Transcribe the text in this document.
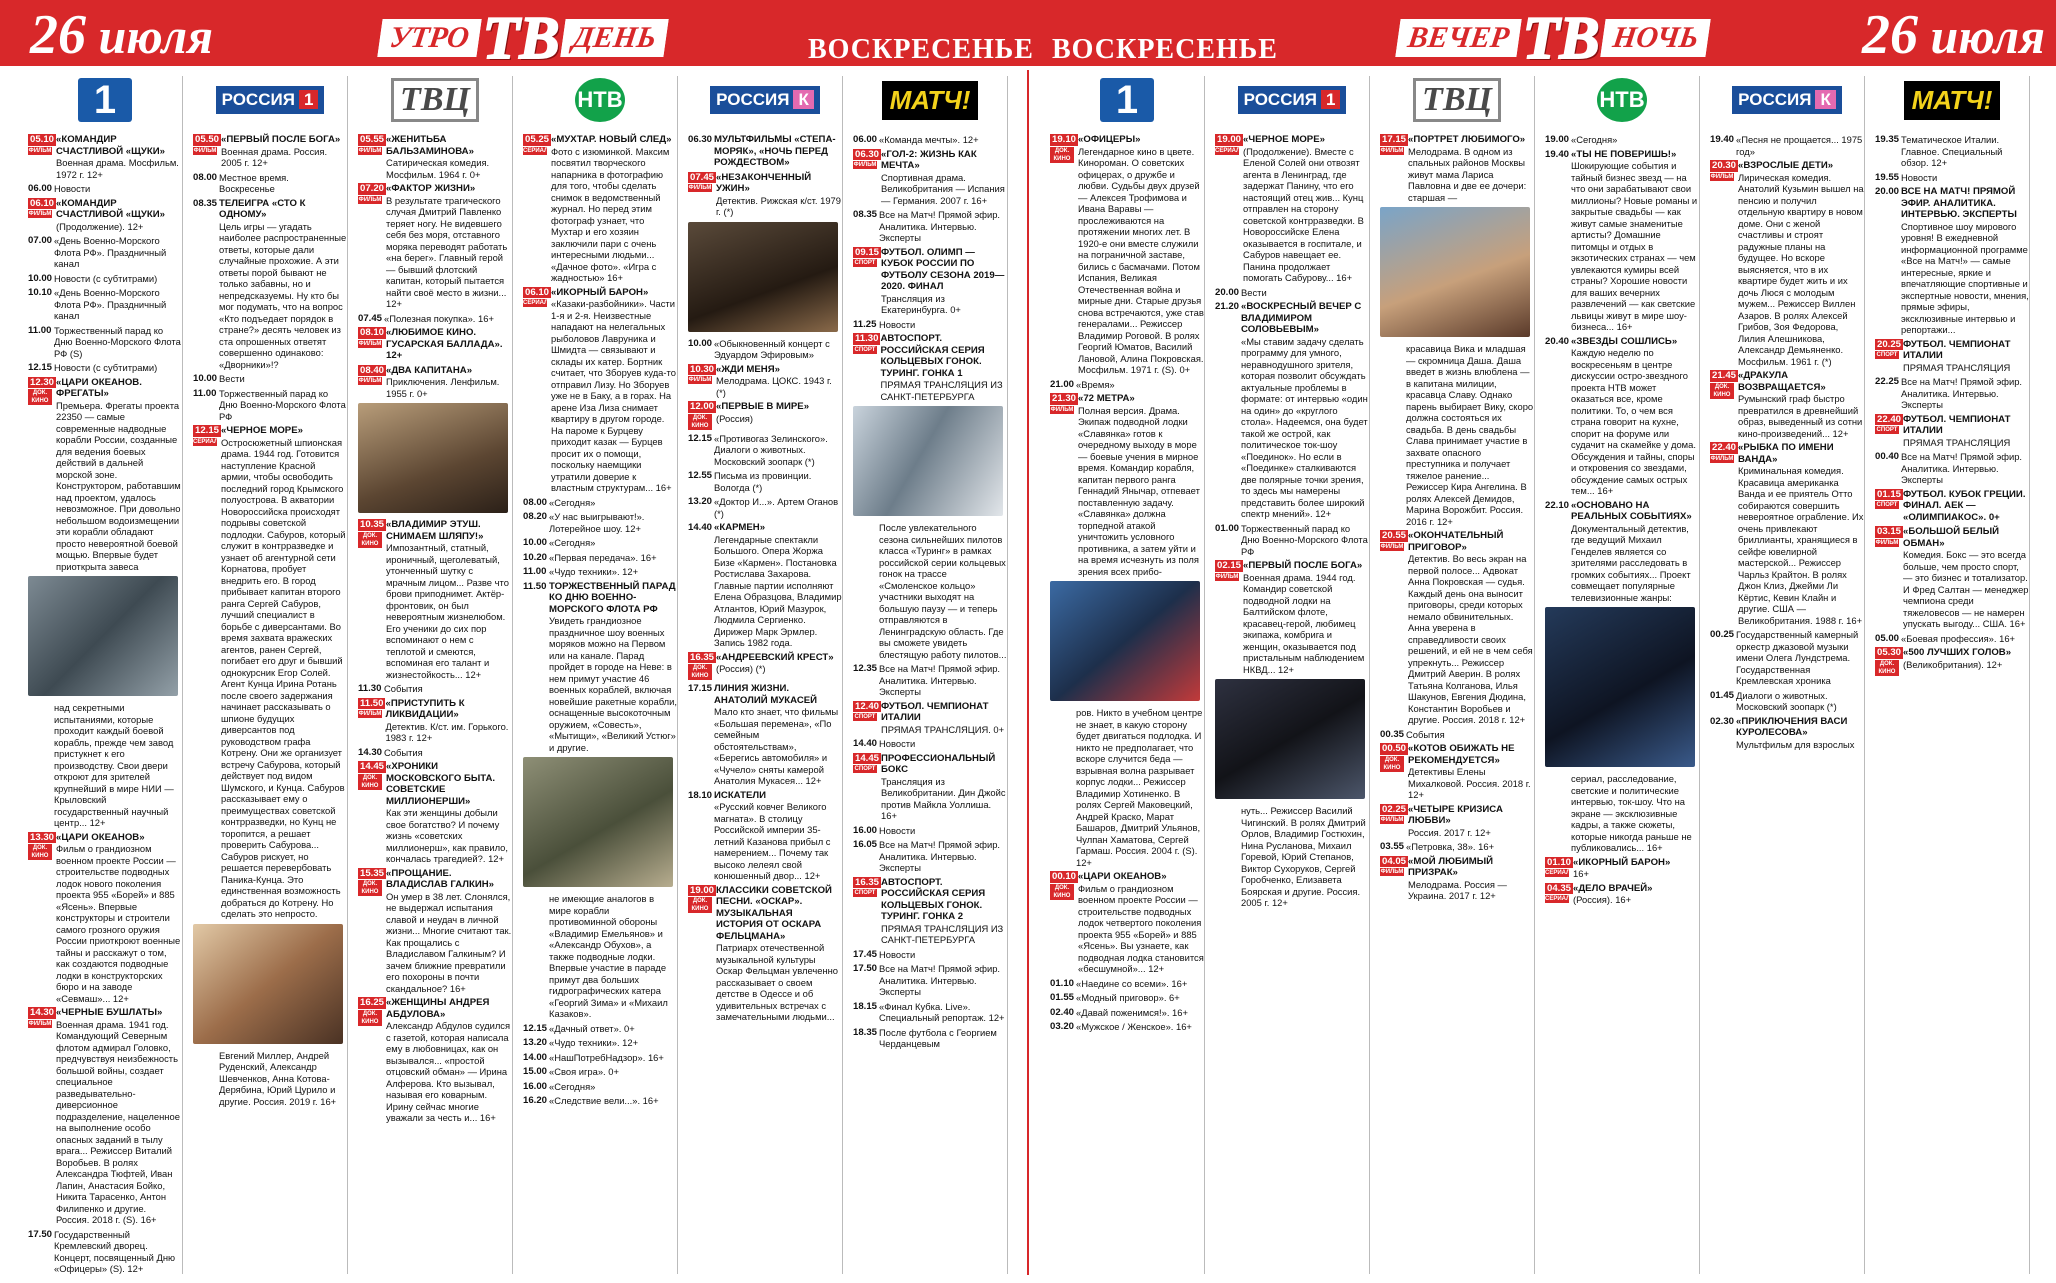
26 июля	УТРО ТВ ДЕНЬ	ВОСКРЕСЕНЬЕ ВОСКРЕСЕНЬЕ	ВЕЧЕР ТВ НОЧЬ	26 июля
1
05.10
ФИЛЬМ
«КОМАНДИР СЧАСТЛИВОЙ «ЩУКИ»
Военная драма. Мосфильм. 1972 г. 12+
06.00 Новости
06.10
ФИЛЬМ
«КОМАНДИР СЧАСТЛИВОЙ «ЩУКИ»
(Продолжение). 12+
07.00 «День Военно-Морского Флота РФ». Праздничный канал
10.00 Новости (с субтитрами)
10.10 «День Военно-Морского Флота РФ». Праздничный канал
11.00 Торжественный парад ко Дню Военно-Морского Флота РФ (S)
12.15 Новости (с субтитрами)
12.30
ДОК. КИНО
«ЦАРИ ОКЕАНОВ. ФРЕГАТЫ»
Премьера. Фрегаты проекта 22350 — самые современные надводные корабли России, созданные для ведения боевых действий в дальней морской зоне. Конструктором, работавшим над проектом, удалось невозможное. При довольно небольшом водоизмещении эти корабли обладают просто невероятной боевой мощью. Впервые будет приоткрыта завеса
над секретными испытаниями, которые проходит каждый боевой корабль, прежде чем завод пристукнет к его производству. Свои двери откроют для зрителей крупнейший в мире НИИ — Крыловский государственный научный центр... 12+
13.30
ДОК. КИНО
«ЦАРИ ОКЕАНОВ»
Фильм о грандиозном военном проекте России — строительстве подводных лодок нового поколения проекта 955 «Борей» и 885 «Ясень». Впервые конструкторы и строители самого грозного оружия России приоткроют военные тайны и расскажут о том, как создаются подводные лодки в конструкторских бюро и на заводе «Севмаш»... 12+
14.30
ФИЛЬМ
«ЧЕРНЫЕ БУШЛАТЫ»
Военная драма. 1941 год. Командующий Северным флотом адмирал Головко, предчувствуя неизбежность большой войны, создает специальное разведывательно-диверсионное подразделение, нацеленное на выполнение особо опасных заданий в тылу врага... Режиссер Виталий Воробьев. В ролях Александра Тюфтей, Иван Лапин, Анастасия Бойко, Никита Тарасенко, Антон Филипенко и другие. Россия. 2018 г. (S). 16+
17.50 Государственный Кремлевский дворец. Концерт, посвященный Дню «Офицеры» (S). 12+
РОССИЯ 1
05.50
ФИЛЬМ
«ПЕРВЫЙ ПОСЛЕ БОГА»
Военная драма. Россия. 2005 г. 12+
08.00 Местное время. Воскресенье
08.35 ТЕЛЕИГРА «СТО К ОДНОМУ»
Цель игры — угадать наиболее распространенные ответы, которые дали случайные прохожие. А эти ответы порой бывают не только забавны, но и непредсказуемы. Ну кто бы мог подумать, что на вопрос «Кто подъедает порядок в стране?» десять человек из ста опрошенных ответят совершенно одинаково: «Дворники»!?
10.00 Вести
11.00 Торжественный парад ко Дню Военно-Морского Флота РФ
12.15
СЕРИАЛ
«ЧЕРНОЕ МОРЕ»
Остросюжетный шпионская драма. 1944 год. Готовится наступление Красной армии, чтобы освободить последний город Крымского полуострова. В акватории Новороссийска происходят подрывы советской подлодки. Сабуров, который служит в контрразведке и узнает об агентурной сети Корнатова, пробует внедрить его. В город прибывает капитан второго ранга Сергей Сабуров, лучший специалист в борьбе с диверсантами. Во время захвата вражеских агентов, ранен Сергей, погибает его друг и бывший однокурсник Егор Солей. Агент Кунца Ирина Ротань после своего задержания начинает рассказывать о шпионе будущих диверсантов под руководством графа Котрену. Они же организует встречу Сабурова, который действует под видом Шумского, и Кунца. Сабуров рассказывает ему о преимуществах советской контрразведки, но Кунц не торопится, а решает проверить Сабурова... Сабуров рискует, но решается перевербовать Паника-Кунца. Это единственная возможность добраться до Котрену. Но сделать это непросто.
Евгений Миллер, Андрей Руденский, Александр Шевченков, Анна Котова-Дерябина, Юрий Цурило и другие. Россия. 2019 г. 16+
ТВЦ
05.55
ФИЛЬМ
«ЖЕНИТЬБА БАЛЬЗАМИНОВА»
Сатирическая комедия. Мосфильм. 1964 г. 0+
07.20
ФИЛЬМ
«ФАКТОР ЖИЗНИ»
В результате трагического случая Дмитрий Павленко теряет ногу. Не видевшего себя без моря, отставного моряка переводят работать «на берег». Главный герой — бывший флотский капитан, который пытается найти своё место в жизни... 12+
07.45 «Полезная покупка». 16+
08.10
ФИЛЬМ
«ЛЮБИМОЕ КИНО. ГУСАРСКАЯ БАЛЛАДА». 12+
08.40
ФИЛЬМ
«ДВА КАПИТАНА»
Приключения. Ленфильм. 1955 г. 0+
10.35
ДОК. КИНО
«ВЛАДИМИР ЭТУШ. СНИМАЕМ ШЛЯПУ!»
Импозантный, статный, ироничный, щеголеватый, утонченный шутку с мрачным лицом... Разве что брови приподнимет. Актёр-фронтовик, он был невероятным жизнелюбом. Его ученики до сих пор вспоминают о нем с теплотой и смеются, вспоминая его талант и жизнестойкость... 12+
11.30 События
11.50
ФИЛЬМ
«ПРИСТУПИТЬ К ЛИКВИДАЦИИ»
Детектив. К/ст. им. Горького. 1983 г. 12+
14.30 События
14.45
ДОК. КИНО
«ХРОНИКИ МОСКОВСКОГО БЫТА. СОВЕТСКИЕ МИЛЛИОНЕРШИ»
Как эти женщины добыли свое богатство? И почему жизнь «советских миллионерш», как правило, кончалась трагедией?. 12+
15.35
ДОК. КИНО
«ПРОЩАНИЕ. ВЛАДИСЛАВ ГАЛКИН»
Он умер в 38 лет. Слонялся, не выдержал испытания славой и неудач в личной жизни... Многие считают так. Как прощались с Владиславом Галкиным? И зачем ближние превратили его похороны в почти скандальное? 16+
16.25
ДОК. КИНО
«ЖЕНЩИНЫ АНДРЕЯ АБДУЛОВА»
Александр Абдулов судился с газетой, которая написала ему в любовницах, как он вызывался... «простой отцовский обман» — Ирина Алферова. Кто вызывал, называя его коварным. Ирину сейчас многие уважали за честь и... 16+
НТВ
05.25
СЕРИАЛ
«МУХТАР. НОВЫЙ СЛЕД»
Фото с изюминкой. Максим посвятил творческого напарника в фотографию для того, чтобы сделать снимок в ведомственный журнал. Но перед этим фотограф узнает, что Мухтар и его хозяин заключили пари с очень интересными людьми... «Дачное фото». «Игра с жадностью» 16+
06.10
СЕРИАЛ
«ИКОРНЫЙ БАРОН»
«Казаки-разбойники». Части 1-я и 2-я. Неизвестные нападают на нелегальных рыболовов Лавруника и Шмидта — связывают и склады их катер. Бортник считает, что Зборуев куда-то отправил Лизу. Но Зборуев уже не в Баку, а в горах. На арене Иза Лиза снимает квартиру в другом городе. На пароме к Бурцеву приходит казак — Бурцев просит их о помощи, поскольку наемщики утратили доверие к властным структурам... 16+
08.00 «Сегодня»
08.20 «У нас выигрывают!». Лотерейное шоу. 12+
10.00 «Сегодня»
10.20 «Первая передача». 16+
11.00 «Чудо техники». 12+
11.50 ТОРЖЕСТВЕННЫЙ ПАРАД КО ДНЮ ВОЕННО-МОРСКОГО ФЛОТА РФ
Увидеть грандиозное праздничное шоу военных моряков можно на Первом или на канале. Парад пройдет в городе на Неве: в нем примут участие 46 военных кораблей, включая новейшие ракетные корабли, оснащенные высокоточным оружием, «Совесть», «Мытищи», «Великий Устюг» и другие.
не имеющие аналогов в мире корабли противоминной обороны «Владимир Емельянов» и «Александр Обухов», а также подводные лодки. Впервые участие в параде примут два больших гидрографических катера «Георгий Зима» и «Михаил Казаков».
12.15 «Дачный ответ». 0+
13.20 «Чудо техники». 12+
14.00 «НашПотребНадзор». 16+
15.00 «Своя игра». 0+
16.00 «Сегодня»
16.20 «Следствие вели...». 16+
РОССИЯ К
06.30 МУЛЬТФИЛЬМЫ «СТЕПА-МОРЯК», «НОЧЬ ПЕРЕД РОЖДЕСТВОМ»
07.45
ФИЛЬМ
«НЕЗАКОНЧЕННЫЙ УЖИН»
Детектив. Рижская к/ст. 1979 г. (*)
10.00 «Обыкновенный концерт с Эдуардом Эфировым»
10.30
ФИЛЬМ
«ЖДИ МЕНЯ»
Мелодрама. ЦОКС. 1943 г. (*)
12.00
ДОК. КИНО
«ПЕРВЫЕ В МИРЕ»
(Россия)
12.15 «Противогаз Зелинского». Диалоги о животных. Московский зоопарк (*)
12.55 Письма из провинции. Вологда (*)
13.20 «Доктор И...». Артем Оганов (*)
14.40 «КАРМЕН»
Легендарные спектакли Большого. Опера Жоржа Бизе «Кармен». Постановка Ростислава Захарова. Главные партии исполняют Елена Образцова, Владимир Атлантов, Юрий Мазурок, Людмила Сергиенко. Дирижер Марк Эрмлер. Запись 1982 года.
16.35
ДОК. КИНО
«АНДРЕЕВСКИЙ КРЕСТ»
(Россия) (*)
17.15 ЛИНИЯ ЖИЗНИ. АНАТОЛИЙ МУКАСЕЙ
Мало кто знает, что фильмы «Большая перемена», «По семейным обстоятельствам», «Берегись автомобиля» и «Чучело» сняты камерой Анатолия Мукасея... 12+
18.10 ИСКАТЕЛИ
«Русский ковчег Великого магната». В столицу Российской империи 35-летний Казанова прибыл с намерением... Почему так высоко лелеял свой конюшенный двор... 12+
19.00
ДОК. КИНО
КЛАССИКИ СОВЕТСКОЙ ПЕСНИ. «ОСКАР». МУЗЫКАЛЬНАЯ ИСТОРИЯ ОТ ОСКАРА ФЕЛЬЦМАНА»
Патриарх отечественной музыкальной культуры Оскар Фельцман увлеченно рассказывает о своем детстве в Одессе и об удивительных встречах с замечательными людьми...
МАТЧ!
06.00 «Команда мечты». 12+
06.30
ФИЛЬМ
«ГОЛ-2: ЖИЗНЬ КАК МЕЧТА»
Спортивная драма. Великобритания — Испания — Германия. 2007 г. 16+
08.35 Все на Матч! Прямой эфир. Аналитика. Интервью. Эксперты
09.15
СПОРТ
ФУТБОЛ. ОЛИМП — КУБОК РОССИИ ПО ФУТБОЛУ СЕЗОНА 2019—2020. ФИНАЛ
Трансляция из Екатеринбурга. 0+
11.25 Новости
11.30
СПОРТ
АВТОСПОРТ. РОССИЙСКАЯ СЕРИЯ КОЛЬЦЕВЫХ ГОНОК. ТУРИНГ. ГОНКА 1
ПРЯМАЯ ТРАНСЛЯЦИЯ ИЗ САНКТ-ПЕТЕРБУРГА
После увлекательного сезона сильнейших пилотов класса «Туринг» в рамках российской серии кольцевых гонок на трассе «Смоленское кольцо» участники выходят на большую паузу — и теперь отправляются в Ленинградскую область. Где вы сможете увидеть блестящую работу пилотов...
12.35 Все на Матч! Прямой эфир. Аналитика. Интервью. Эксперты
12.40
СПОРТ
ФУТБОЛ. ЧЕМПИОНАТ ИТАЛИИ
ПРЯМАЯ ТРАНСЛЯЦИЯ. 0+
14.40 Новости
14.45
СПОРТ
ПРОФЕССИОНАЛЬНЫЙ БОКС
Трансляция из Великобритании. Дин Джойс против Майкла Уоллиша. 16+
16.00 Новости
16.05 Все на Матч! Прямой эфир. Аналитика. Интервью. Эксперты
16.35
СПОРТ
АВТОСПОРТ. РОССИЙСКАЯ СЕРИЯ КОЛЬЦЕВЫХ ГОНОК. ТУРИНГ. ГОНКА 2
ПРЯМАЯ ТРАНСЛЯЦИЯ ИЗ САНКТ-ПЕТЕРБУРГА
17.45 Новости
17.50 Все на Матч! Прямой эфир. Аналитика. Интервью. Эксперты
18.15 «Финал Кубка. Live». Специальный репортаж. 12+
18.35 После футбола с Георгием Черданцевым
1
19.10
ДОК. КИНО
«ОФИЦЕРЫ»
Легендарное кино в цвете. Кинороман. О советских офицерах, о дружбе и любви. Судьбы двух друзей — Алексея Трофимова и Ивана Варавы — прослеживаются на протяжении многих лет. В 1920-е они вместе служили на пограничной заставе, бились с басмачами. Потом Испания, Великая Отечественная война и мирные дни. Старые друзья снова встречаются, уже став генералами... Режиссер Владимир Роговой. В ролях Георгий Юматов, Василий Лановой, Алина Покровская. Мосфильм. 1971 г. (S). 0+
21.00 «Время»
21.30
ФИЛЬМ
«72 МЕТРА»
Полная версия. Драма. Экипаж подводной лодки «Славянка» готов к очередному выходу в море — боевые учения в мирное время. Командир корабля, капитан первого ранга Геннадий Янычар, отпевает поставленную задачу. «Славянка» должна торпедной атакой уничтожить условного противника, а затем уйти и на время исчезнуть из поля зрения всех прибо-
ров. Никто в учебном центре не знает, в какую сторону будет двигаться подлодка. И никто не предполагает, что вскоре случится беда — взрывная волна разрывает корпус лодки... Режиссер Владимир Хотиненко. В ролях Сергей Маковецкий, Андрей Краско, Марат Башаров, Дмитрий Ульянов, Чулпан Хаматова, Сергей Гармаш. Россия. 2004 г. (S). 12+
00.10
ДОК. КИНО
«ЦАРИ ОКЕАНОВ»
Фильм о грандиозном военном проекте России — строительстве подводных лодок четвертого поколения проекта 955 «Борей» и 885 «Ясень». Вы узнаете, как подводная лодка становится «бесшумной»... 12+
01.10 «Наедине со всеми». 16+
01.55 «Модный приговор». 6+
02.40 «Давай поженимся!». 16+
03.20 «Мужское / Женское». 16+
РОССИЯ 1
19.00
СЕРИАЛ
«ЧЕРНОЕ МОРЕ»
(Продолжение). Вместе с Еленой Солей они отвозят агента в Ленинград, где задержат Панину, что его настоящий отец жив... Кунц отправлен на сторону советской контрразведки. В Новороссийске Елена оказывается в госпитале, и Сабуров навещает ее. Панина продолжает помогать Сабурову... 16+
20.00 Вести
21.20 «ВОСКРЕСНЫЙ ВЕЧЕР С ВЛАДИМИРОМ СОЛОВЬЕВЫМ»
«Мы ставим задачу сделать программу для умного, неравнодушного зрителя, которая позволит обсуждать актуальные проблемы в формате: от интервью «один на один» до «круглого стола». Надеемся, она будет такой же острой, как политическое ток-шоу «Поединок». Но если в «Поединке» сталкиваются две полярные точки зрения, то здесь мы намерены представить более широкий спектр мнений». 12+
01.00 Торжественный парад ко Дню Военно-Морского Флота РФ
02.15
ФИЛЬМ
«ПЕРВЫЙ ПОСЛЕ БОГА»
Военная драма. 1944 год. Командир советской подводной лодки на Балтийском флоте, красавец-герой, любимец экипажа, комбрига и женщин, оказывается под пристальным наблюдением НКВД... 12+
нуть... Режиссер Василий Чигинский. В ролях Дмитрий Орлов, Владимир Гостюхин, Нина Русланова, Михаил Горевой, Юрий Степанов, Виктор Сухоруков, Сергей Горобченко, Елизавета Боярская и другие. Россия. 2005 г. 12+
ТВЦ
17.15
ФИЛЬМ
«ПОРТРЕТ ЛЮБИМОГО»
Мелодрама. В одном из спальных районов Москвы живут мама Лариса Павловна и две ее дочери: старшая —
красавица Вика и младшая — скромница Даша. Даша введет в жизнь влюблена — в капитана милиции, красавца Славу. Однако парень выбирает Вику, скоро должна состояться их свадьба. В день свадьбы Слава принимает участие в захвате опасного преступника и получает тяжелое ранение... Режиссер Кира Ангелина. В ролях Алексей Демидов, Марина Ворожбит. Россия. 2016 г. 12+
20.55
ФИЛЬМ
«ОКОНЧАТЕЛЬНЫЙ ПРИГОВОР»
Детектив. Во весь экран на первой полосе... Адвокат Анна Покровская — судья. Каждый день она выносит приговоры, среди которых немало обвинительных. Анна уверена в справедливости своих решений, и ей не в чем себя упрекнуть... Режиссер Дмитрий Аверин. В ролях Татьяна Колганова, Илья Шакунов, Евгения Дюдина, Константин Воробьев и другие. Россия. 2018 г. 12+
00.35 События
00.50
ДОК. КИНО
«КОТОВ ОБИЖАТЬ НЕ РЕКОМЕНДУЕТСЯ»
Детективы Елены Михалковой. Россия. 2018 г. 12+
02.25
ФИЛЬМ
«ЧЕТЫРЕ КРИЗИСА ЛЮБВИ»
Россия. 2017 г. 12+
03.55 «Петровка, 38». 16+
04.05
ФИЛЬМ
«МОЙ ЛЮБИМЫЙ ПРИЗРАК»
Мелодрама. Россия — Украина. 2017 г. 12+
НТВ
19.00 «Сегодня»
19.40 «ТЫ НЕ ПОВЕРИШЬ!»
Шокирующие события и тайный бизнес звезд — на что они зарабатывают свои миллионы? Новые романы и закрытые свадьбы — как живут самые знаменитые артисты? Домашние питомцы и отдых в экзотических странах — чем увлекаются кумиры всей страны? Хорошие новости для ваших вечерних развлечений — как светские львицы живут в мире шоу-бизнеса... 16+
20.40 «ЗВЕЗДЫ СОШЛИСЬ»
Каждую неделю по воскресеньям в центре дискуссии остро-звездного проекта НТВ может оказаться все, кроме политики. То, о чем вся страна говорит на кухне, спорит на форуме или судачит на скамейке у дома. Обсуждения и тайны, споры и откровения со звездами, обсуждение самых острых тем... 16+
22.10 «ОСНОВАНО НА РЕАЛЬНЫХ СОБЫТИЯХ»
Документальный детектив, где ведущий Михаил Генделев является со зрителями расследовать в громких событиях... Проект совмещает популярные телевизионные жанры:
сериал, расследование, светские и политические интервью, ток-шоу. Что на экране — эксклюзивные кадры, а также сюжеты, которые никогда раньше не публиковались... 16+
01.10
СЕРИАЛ
«ИКОРНЫЙ БАРОН»
16+
04.35
СЕРИАЛ
«ДЕЛО ВРАЧЕЙ»
(Россия). 16+
РОССИЯ К
19.40 «Песня не прощается... 1975 год»
20.30
ФИЛЬМ
«ВЗРОСЛЫЕ ДЕТИ»
Лирическая комедия. Анатолий Кузьмин вышел на пенсию и получил отдельную квартиру в новом доме. Они с женой счастливы и строят радужные планы на будущее. Но вскоре выясняется, что в их квартире будет жить и их дочь Люся с молодым мужем... Режиссер Виллен Азаров. В ролях Алексей Грибов, Зоя Федорова, Лилия Алешникова, Александр Демьяненко. Мосфильм. 1961 г. (*)
21.45
ДОК. КИНО
«ДРАКУЛА ВОЗВРАЩАЕТСЯ»
Румынский граф быстро превратился в древнейший образ, выведенный из сотни кино-произведений... 12+
22.40
ФИЛЬМ
«РЫБКА ПО ИМЕНИ ВАНДА»
Криминальная комедия. Красавица американка Ванда и ее приятель Отто собираются совершить невероятное ограбление. Их очень привлекают бриллианты, хранящиеся в сейфе ювелирной мастерской... Режиссер Чарльз Крайтон. В ролях Джон Клиз, Джейми Ли Кёртис, Кевин Клайн и другие. США — Великобритания. 1988 г. 16+
00.25 Государственный камерный оркестр джазовой музыки имени Олега Лундстрема. Государственная Кремлевская хроника
01.45 Диалоги о животных. Московский зоопарк (*)
02.30 «ПРИКЛЮЧЕНИЯ ВАСИ КУРОЛЕСОВА»
Мультфильм для взрослых
МАТЧ!
19.35 Тематическое Италии. Главное. Специальный обзор. 12+
19.55 Новости
20.00 ВСЕ НА МАТЧ! ПРЯМОЙ ЭФИР. АНАЛИТИКА. ИНТЕРВЬЮ. ЭКСПЕРТЫ
Спортивное шоу мирового уровня! В ежедневной информационной программе «Все на Матч!» — самые интересные, яркие и впечатляющие спортивные и экспертные новости, мнения, прямые эфиры, эксклюзивные интервью и репортажи...
20.25
СПОРТ
ФУТБОЛ. ЧЕМПИОНАТ ИТАЛИИ
ПРЯМАЯ ТРАНСЛЯЦИЯ
22.25 Все на Матч! Прямой эфир. Аналитика. Интервью. Эксперты
22.40
СПОРТ
ФУТБОЛ. ЧЕМПИОНАТ ИТАЛИИ
ПРЯМАЯ ТРАНСЛЯЦИЯ
00.40 Все на Матч! Прямой эфир. Аналитика. Интервью. Эксперты
01.15
СПОРТ
ФУТБОЛ. КУБОК ГРЕЦИИ. ФИНАЛ. АЕК — «ОЛИМПИАКОС». 0+
03.15
ФИЛЬМ
«БОЛЬШОЙ БЕЛЫЙ ОБМАН»
Комедия. Бокс — это всегда больше, чем просто спорт, — это бизнес и тотализатор. И Фред Салтан — менеджер чемпиона среди тяжеловесов — не намерен упускать выгоду... США. 16+
05.00 «Боевая профессия». 16+
05.30
ДОК. КИНО
«500 ЛУЧШИХ ГОЛОВ»
(Великобритания). 12+
